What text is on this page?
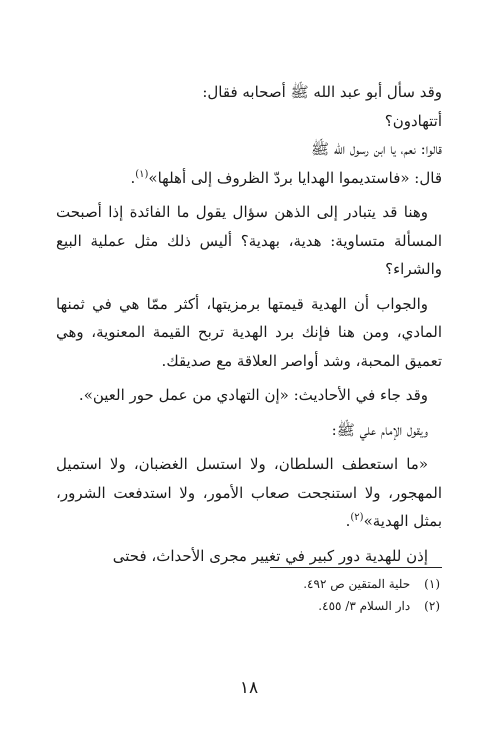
وقد سأل أبو عبد الله ﷺ أصحابه فقال:

أتتهادون؟

قالوا: نعم، يا ابن رسول الله ﷺ

قال: «فاستديموا الهدايا بردّ الظروف إلى أهلها»$^{(١)}$.

وهنا قد يتبادر إلى الذهن سؤال يقول ما الفائدة إذا أصبحت المسألة متساوية: هدية، بهدية؟ أليس ذلك مثل عملية البيع والشراء؟

والجواب أن الهدية قيمتها برمزيتها، أكثر ممّا هي في ثمنها المادي، ومن هنا فإنك برد الهدية تربح القيمة المعنوية، وهي تعميق المحبة، وشد أواصر العلاقة مع صديقك.

وقد جاء في الأحاديث: «إن التهادي من عمل حور العين».

ويقول الإمام علي ﷺ:

«ما استعطف السلطان، ولا استسل الغضبان، ولا استميل المهجور، ولا استنجحت صعاب الأمور، ولا استدفعت الشرور، بمثل الهدية»$^{(٢)}$.

إذن للهدية دور كبير في تغيير مجرى الأحداث، فحتى

(١) حلية المتقين ص ٤٩٢.
(٢) دار السلام ٣/ ٤٥٥.
١٨
